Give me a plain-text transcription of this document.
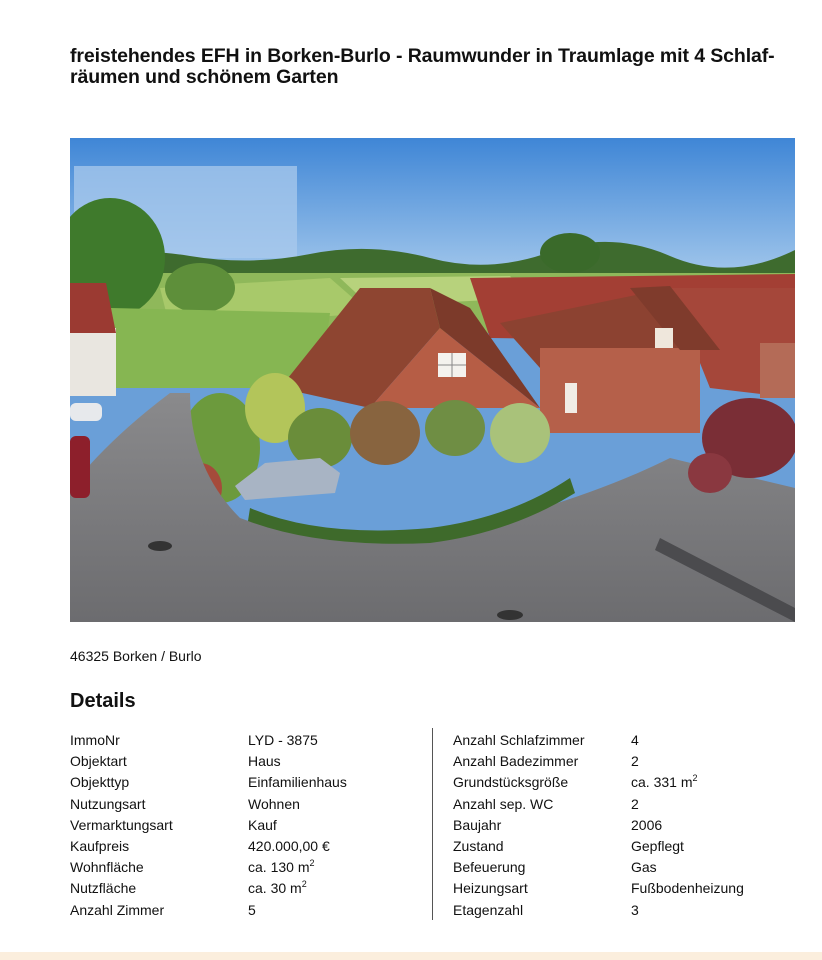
freistehendes EFH in Borken-Burlo - Raumwunder in Traumlage mit 4 Schlaf-räumen und schönem Garten
46325 Borken / Burlo
Details
ImmoNr	LYD - 3875
Objektart	Haus
Objekttyp	Einfamilienhaus
Nutzungsart	Wohnen
Vermarktungsart	Kauf
Kaufpreis	420.000,00 €
Wohnfläche	ca. 130 $m^2$
Nutzfläche	ca. 30 $m^2$
Anzahl Zimmer	5
Anzahl Schlafzimmer	4
Anzahl Badezimmer	2
Grundstücksgröße	ca. 331 $m^2$
Anzahl sep. WC	2
Baujahr	2006
Zustand	Gepflegt
Befeuerung	Gas
Heizungsart	Fußbodenheizung
Etagenzahl	3
